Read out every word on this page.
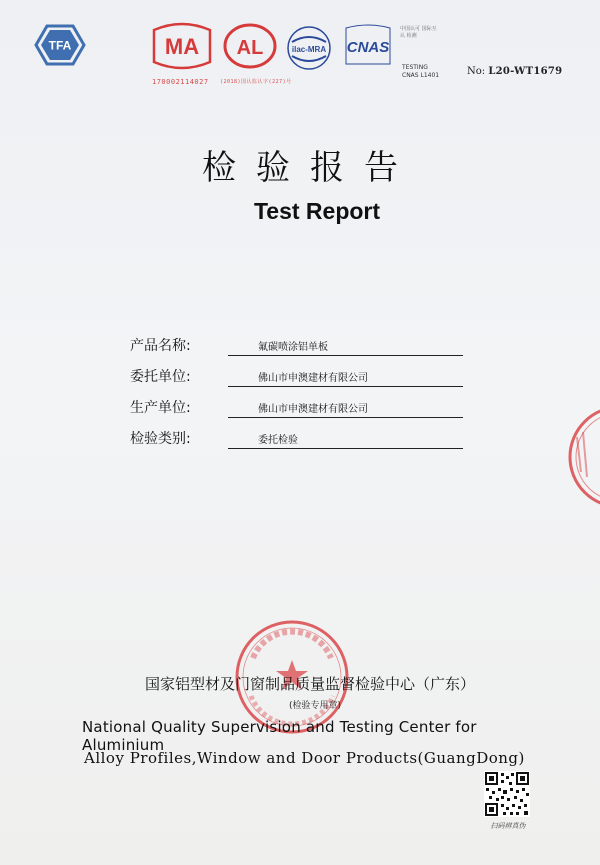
TFA	MA
170002114027
AL
(2018)国认监认字(227)号
ilac-MRA CNAS
中国认可 国际互认 检测
TESTING
CNAS L1401	No: L20-WT1679
检验报告
Test Report
产品名称:	氟碳喷涂铝单板
委托单位:	佛山市申澳建材有限公司
生产单位:	佛山市申澳建材有限公司
检验类别:	委托检验
国家铝型材及门窗制品质量监督检验中心（广东）
(检验专用章)
National Quality Supervision and Testing Center for Aluminium
Alloy Profiles,Window and Door Products(GuangDong)
扫码辨真伪
